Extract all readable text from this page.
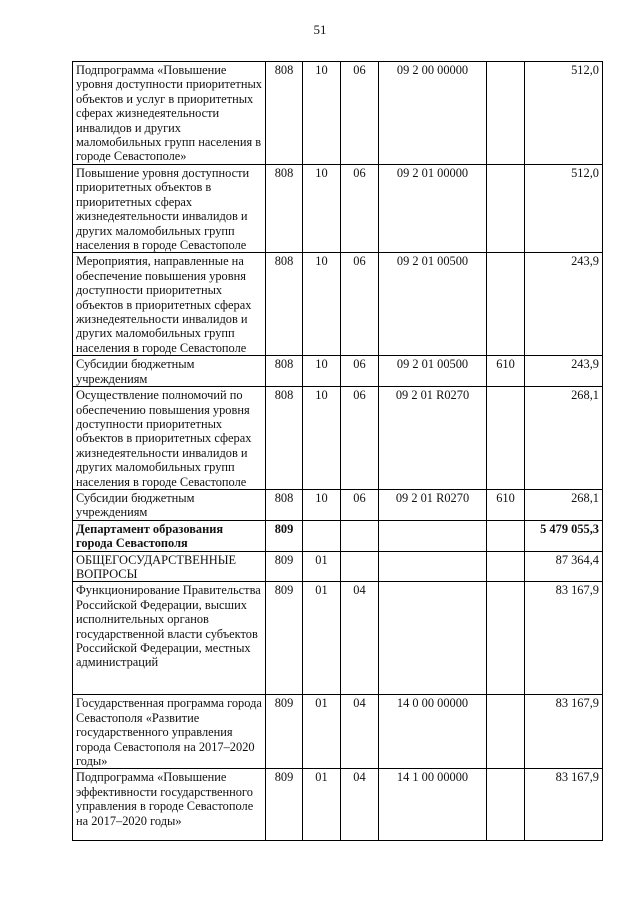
51
Подпрограмма «Повышение уровня доступности приоритетных объектов и услуг в приоритетных сферах жизнедеятельности инвалидов и других маломобильных групп населения в городе Севастополе»	808	10	06	09 2 00 00000		512,0
Повышение уровня доступности приоритетных объектов в приоритетных сферах жизнедеятельности инвалидов и других маломобильных групп населения в городе Севастополе	808	10	06	09 2 01 00000		512,0
Мероприятия, направленные на обеспечение повышения уровня доступности приоритетных объектов в приоритетных сферах жизнедеятельности инвалидов и других маломобильных групп населения в городе Севастополе	808	10	06	09 2 01 00500		243,9
Субсидии бюджетным учреждениям	808	10	06	09 2 01 00500	610	243,9
Осуществление полномочий по обеспечению повышения уровня доступности приоритетных объектов в приоритетных сферах жизнедеятельности инвалидов и других маломобильных групп населения в городе Севастополе	808	10	06	09 2 01 R0270		268,1
Субсидии бюджетным учреждениям	808	10	06	09 2 01 R0270	610	268,1
Департамент образования города Севастополя	809					5 479 055,3
ОБЩЕГОСУДАРСТВЕННЫЕ ВОПРОСЫ	809	01				87 364,4
Функционирование Правительства Российской Федерации, высших исполнительных органов государственной власти субъектов Российской Федерации, местных администраций	809	01	04			83 167,9
Государственная программа города Севастополя «Развитие государственного управления города Севастополя на 2017–2020 годы»	809	01	04	14 0 00 00000		83 167,9
Подпрограмма «Повышение эффективности государственного управления в городе Севастополе на 2017–2020 годы»	809	01	04	14 1 00 00000		83 167,9
